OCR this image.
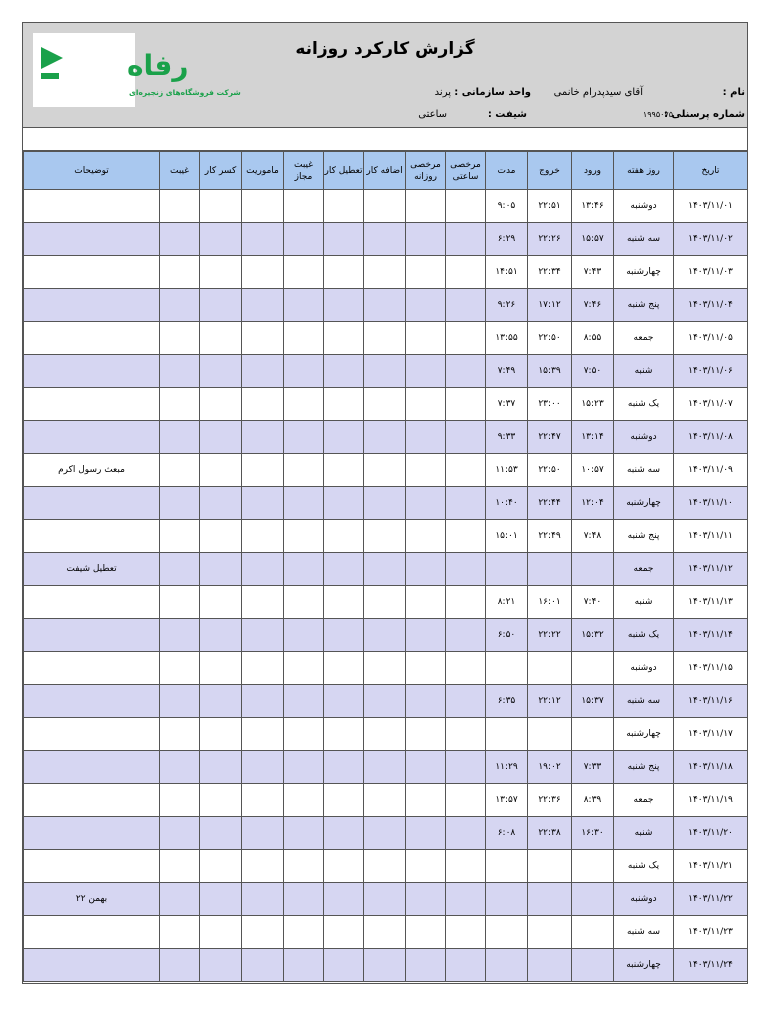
رفاه
شرکت فروشگاه‌های زنجیره‌ای
گزارش کارکرد روزانه
نام :
آقای سیدپدرام خانمی
واحد سازمانی :
پرند
شماره پرسنلی :
۱۹۹۵۰۷۵
شیفت :
ساعتی
تاریخ	روز هفته	ورود	خروج	مدت	مرخصی ساعتی	مرخصی روزانه	اضافه کار	تعطیل کار	غیبت مجاز	ماموریت	کسر کار	غیبت	توضیحات
۱۴۰۳/۱۱/۰۱	دوشنبه	۱۳:۴۶	۲۲:۵۱	۹:۰۵									
۱۴۰۳/۱۱/۰۲	سه شنبه	۱۵:۵۷	۲۲:۲۶	۶:۲۹									
۱۴۰۳/۱۱/۰۳	چهارشنبه	۷:۴۳	۲۲:۳۴	۱۴:۵۱									
۱۴۰۳/۱۱/۰۴	پنج شنبه	۷:۴۶	۱۷:۱۲	۹:۲۶									
۱۴۰۳/۱۱/۰۵	جمعه	۸:۵۵	۲۲:۵۰	۱۳:۵۵									
۱۴۰۳/۱۱/۰۶	شنبه	۷:۵۰	۱۵:۳۹	۷:۴۹									
۱۴۰۳/۱۱/۰۷	یک شنبه	۱۵:۲۳	۲۳:۰۰	۷:۳۷									
۱۴۰۳/۱۱/۰۸	دوشنبه	۱۳:۱۴	۲۲:۴۷	۹:۳۳									
۱۴۰۳/۱۱/۰۹	سه شنبه	۱۰:۵۷	۲۲:۵۰	۱۱:۵۳									مبعث رسول اکرم
۱۴۰۳/۱۱/۱۰	چهارشنبه	۱۲:۰۴	۲۲:۴۴	۱۰:۴۰									
۱۴۰۳/۱۱/۱۱	پنج شنبه	۷:۴۸	۲۲:۴۹	۱۵:۰۱									
۱۴۰۳/۱۱/۱۲	جمعه												تعطیل شیفت
۱۴۰۳/۱۱/۱۳	شنبه	۷:۴۰	۱۶:۰۱	۸:۲۱									
۱۴۰۳/۱۱/۱۴	یک شنبه	۱۵:۳۲	۲۲:۲۲	۶:۵۰									
۱۴۰۳/۱۱/۱۵	دوشنبه												
۱۴۰۳/۱۱/۱۶	سه شنبه	۱۵:۳۷	۲۲:۱۲	۶:۳۵									
۱۴۰۳/۱۱/۱۷	چهارشنبه												
۱۴۰۳/۱۱/۱۸	پنج شنبه	۷:۳۳	۱۹:۰۲	۱۱:۲۹									
۱۴۰۳/۱۱/۱۹	جمعه	۸:۳۹	۲۲:۳۶	۱۳:۵۷									
۱۴۰۳/۱۱/۲۰	شنبه	۱۶:۳۰	۲۲:۳۸	۶:۰۸									
۱۴۰۳/۱۱/۲۱	یک شنبه												
۱۴۰۳/۱۱/۲۲	دوشنبه												بهمن ۲۲
۱۴۰۳/۱۱/۲۳	سه شنبه												
۱۴۰۳/۱۱/۲۴	چهارشنبه												
